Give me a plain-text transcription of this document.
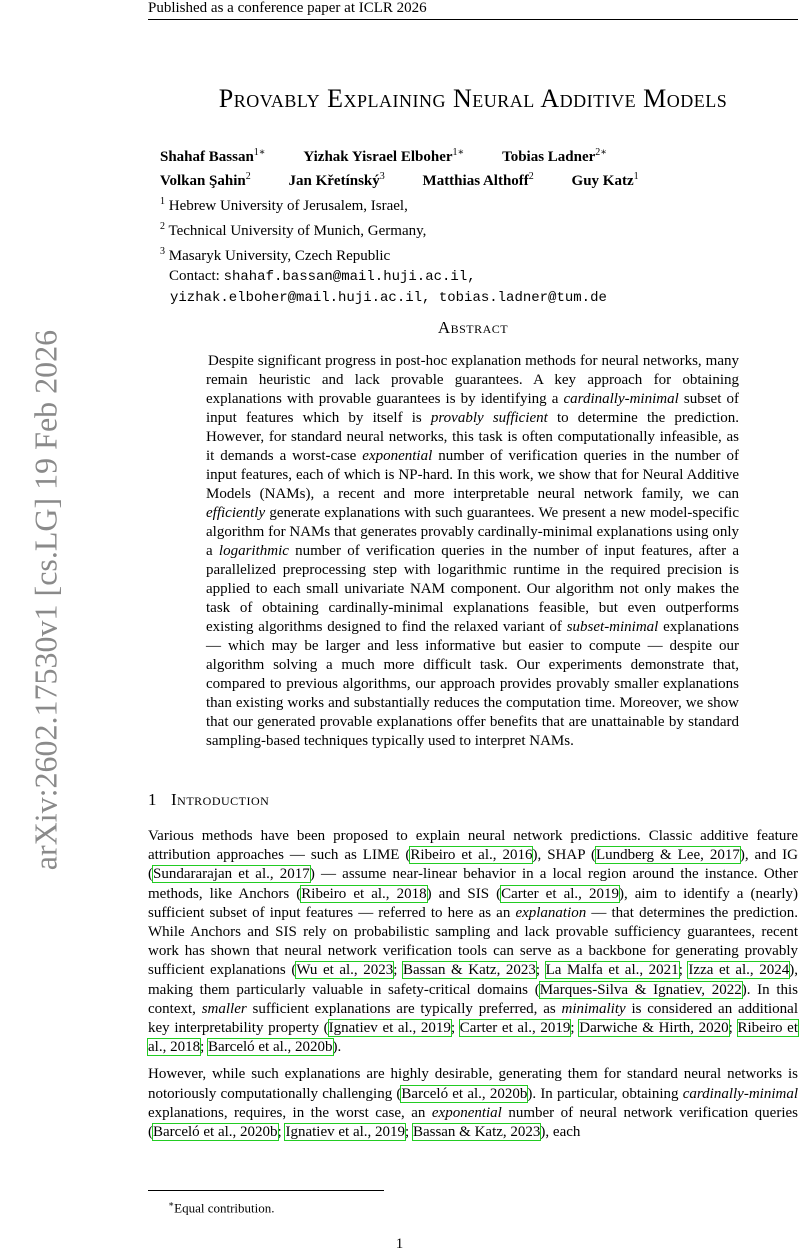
Published as a conference paper at ICLR 2026
arXiv:2602.17530v1 [cs.LG] 19 Feb 2026
Provably Explaining Neural Additive Models
Shahaf Bassan$^{1∗}$	Yizhak Yisrael Elboher$^{1∗}$	Tobias Ladner$^{2∗}$
Volkan Şahin$^2$	Jan Křetínský$^3$	Matthias Althoff$^2$	Guy Katz$^1$
$^1$ Hebrew University of Jerusalem, Israel,
$^2$ Technical University of Munich, Germany,
$^3$ Masaryk University, Czech Republic
Contact: shahaf.bassan@mail.huji.ac.il,
yizhak.elboher@mail.huji.ac.il, tobias.ladner@tum.de
Abstract
Despite significant progress in post-hoc explanation methods for neural networks, many remain heuristic and lack provable guarantees. A key approach for obtaining explanations with provable guarantees is by identifying a cardinally-minimal subset of input features which by itself is provably sufficient to determine the prediction. However, for standard neural networks, this task is often computationally infeasible, as it demands a worst-case exponential number of verification queries in the number of input features, each of which is NP-hard. In this work, we show that for Neural Additive Models (NAMs), a recent and more interpretable neural network family, we can efficiently generate explanations with such guarantees. We present a new model-specific algorithm for NAMs that generates provably cardinally-minimal explanations using only a logarithmic number of verification queries in the number of input features, after a parallelized preprocessing step with logarithmic runtime in the required precision is applied to each small univariate NAM component. Our algorithm not only makes the task of obtaining cardinally-minimal explanations feasible, but even outperforms existing algorithms designed to find the relaxed variant of subset-minimal explanations — which may be larger and less informative but easier to compute — despite our algorithm solving a much more difficult task. Our experiments demonstrate that, compared to previous algorithms, our approach provides provably smaller explanations than existing works and substantially reduces the computation time. Moreover, we show that our generated provable explanations offer benefits that are unattainable by standard sampling-based techniques typically used to interpret NAMs.
1 Introduction

Various methods have been proposed to explain neural network predictions. Classic additive feature attribution approaches — such as LIME (Ribeiro et al., 2016), SHAP (Lundberg & Lee, 2017), and IG (Sundararajan et al., 2017) — assume near-linear behavior in a local region around the instance. Other methods, like Anchors (Ribeiro et al., 2018) and SIS (Carter et al., 2019), aim to identify a (nearly) sufficient subset of input features — referred to here as an explanation — that determines the prediction. While Anchors and SIS rely on probabilistic sampling and lack provable sufficiency guarantees, recent work has shown that neural network verification tools can serve as a backbone for generating provably sufficient explanations (Wu et al., 2023; Bassan & Katz, 2023; La Malfa et al., 2021; Izza et al., 2024), making them particularly valuable in safety-critical domains (Marques-Silva & Ignatiev, 2022). In this context, smaller sufficient explanations are typically preferred, as minimality is considered an additional key interpretability property (Ignatiev et al., 2019; Carter et al., 2019; Darwiche & Hirth, 2020; Ribeiro et al., 2018; Barceló et al., 2020b).

However, while such explanations are highly desirable, generating them for standard neural networks is notoriously computationally challenging (Barceló et al., 2020b). In particular, obtaining cardinally-minimal explanations, requires, in the worst case, an exponential number of neural network verification queries (Barceló et al., 2020b; Ignatiev et al., 2019; Bassan & Katz, 2023), each

∗Equal contribution.
1
